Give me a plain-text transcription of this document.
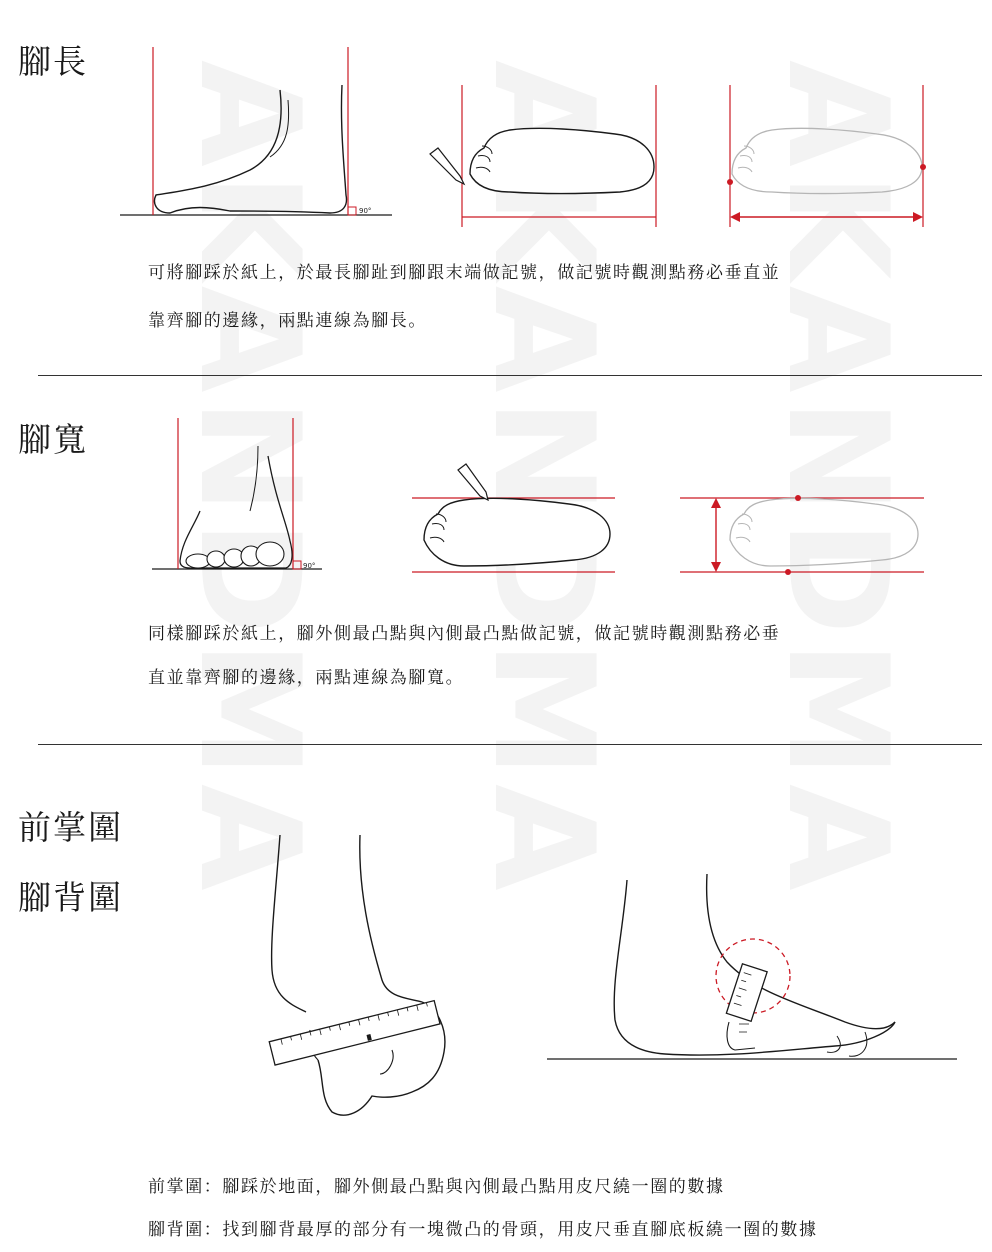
腳長
90°
可將腳踩於紙上，於最長腳趾到腳跟末端做記號，做記號時觀測點務必垂直並
靠齊腳的邊緣，兩點連線為腳長。
腳寬
90°
同樣腳踩於紙上，腳外側最凸點與內側最凸點做記號，做記號時觀測點務必垂
直並靠齊腳的邊緣，兩點連線為腳寬。
前掌圍
腳背圍
前掌圍：腳踩於地面，腳外側最凸點與內側最凸點用皮尺繞一圈的數據
腳背圍：找到腳背最厚的部分有一塊微凸的骨頭，用皮尺垂直腳底板繞一圈的數據
